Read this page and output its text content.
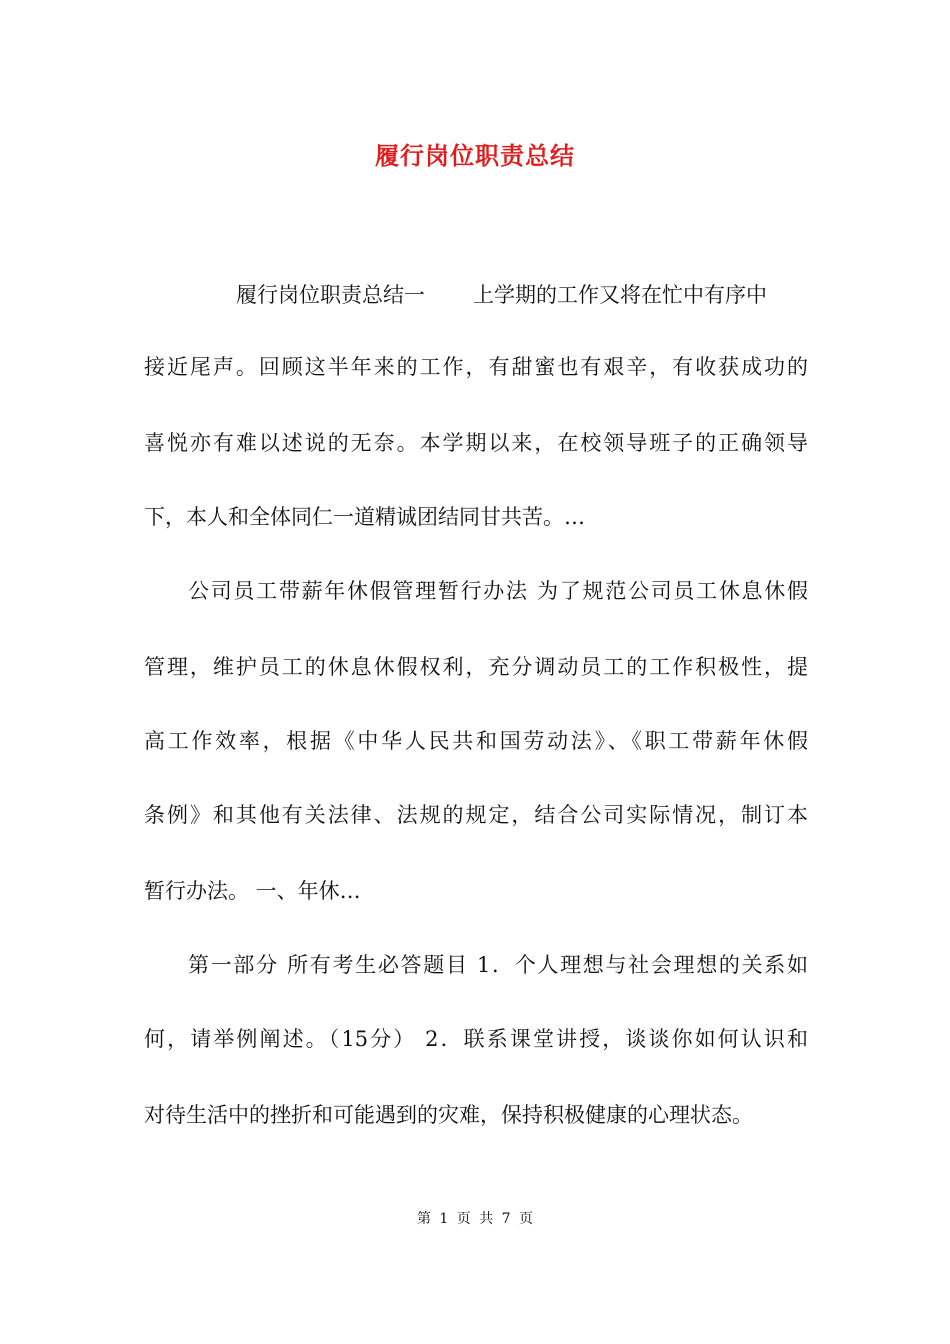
履行岗位职责总结
履行岗位职责总结一 上学期的工作又将在忙中有序中
接近尾声。回顾这半年来的工作，有甜蜜也有艰辛，有收获成功的
喜悦亦有难以述说的无奈。本学期以来，在校领导班子的正确领导
下，本人和全体同仁一道精诚团结同甘共苦。…
公司员工带薪年休假管理暂行办法 为了规范公司员工休息休假
管理，维护员工的休息休假权利，充分调动员工的工作积极性，提
高工作效率，根据《中华人民共和国劳动法》、《职工带薪年休假
条例》和其他有关法律、法规的规定，结合公司实际情况，制订本
暂行办法。 一、年休…
第一部分 所有考生必答题目 1．个人理想与社会理想的关系如
何，请举例阐述。（15分） 2．联系课堂讲授，谈谈你如何认识和
对待生活中的挫折和可能遇到的灾难，保持积极健康的心理状态。
第 1 页 共 7 页
